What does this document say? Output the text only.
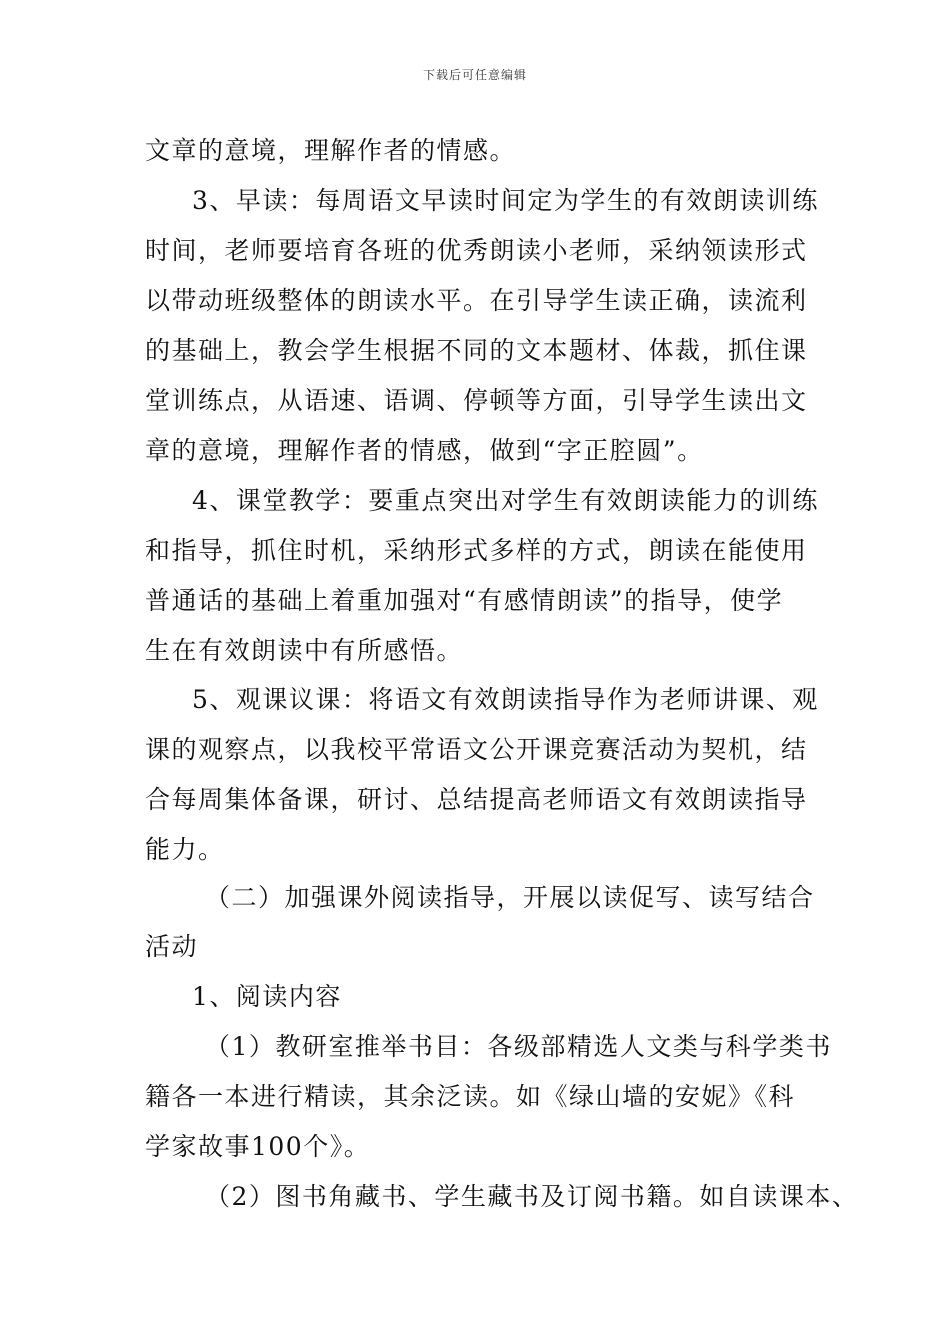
下载后可任意编辑
文章的意境，理解作者的情感。
3、早读：每周语文早读时间定为学生的有效朗读训练
时间，老师要培育各班的优秀朗读小老师，采纳领读形式
以带动班级整体的朗读水平。在引导学生读正确，读流利
的基础上，教会学生根据不同的文本题材、体裁，抓住课
堂训练点，从语速、语调、停顿等方面，引导学生读出文
章的意境，理解作者的情感，做到“字正腔圆”。
4、课堂教学：要重点突出对学生有效朗读能力的训练
和指导，抓住时机，采纳形式多样的方式，朗读在能使用
普通话的基础上着重加强对“有感情朗读”的指导，使学
生在有效朗读中有所感悟。
5、观课议课：将语文有效朗读指导作为老师讲课、观
课的观察点，以我校平常语文公开课竞赛活动为契机，结
合每周集体备课，研讨、总结提高老师语文有效朗读指导
能力。
（二）加强课外阅读指导，开展以读促写、读写结合
活动
1、阅读内容
（1）教研室推举书目：各级部精选人文类与科学类书
籍各一本进行精读，其余泛读。如《绿山墙的安妮》《科
学家故事100个》。
（2）图书角藏书、学生藏书及订阅书籍。如自读课本、
